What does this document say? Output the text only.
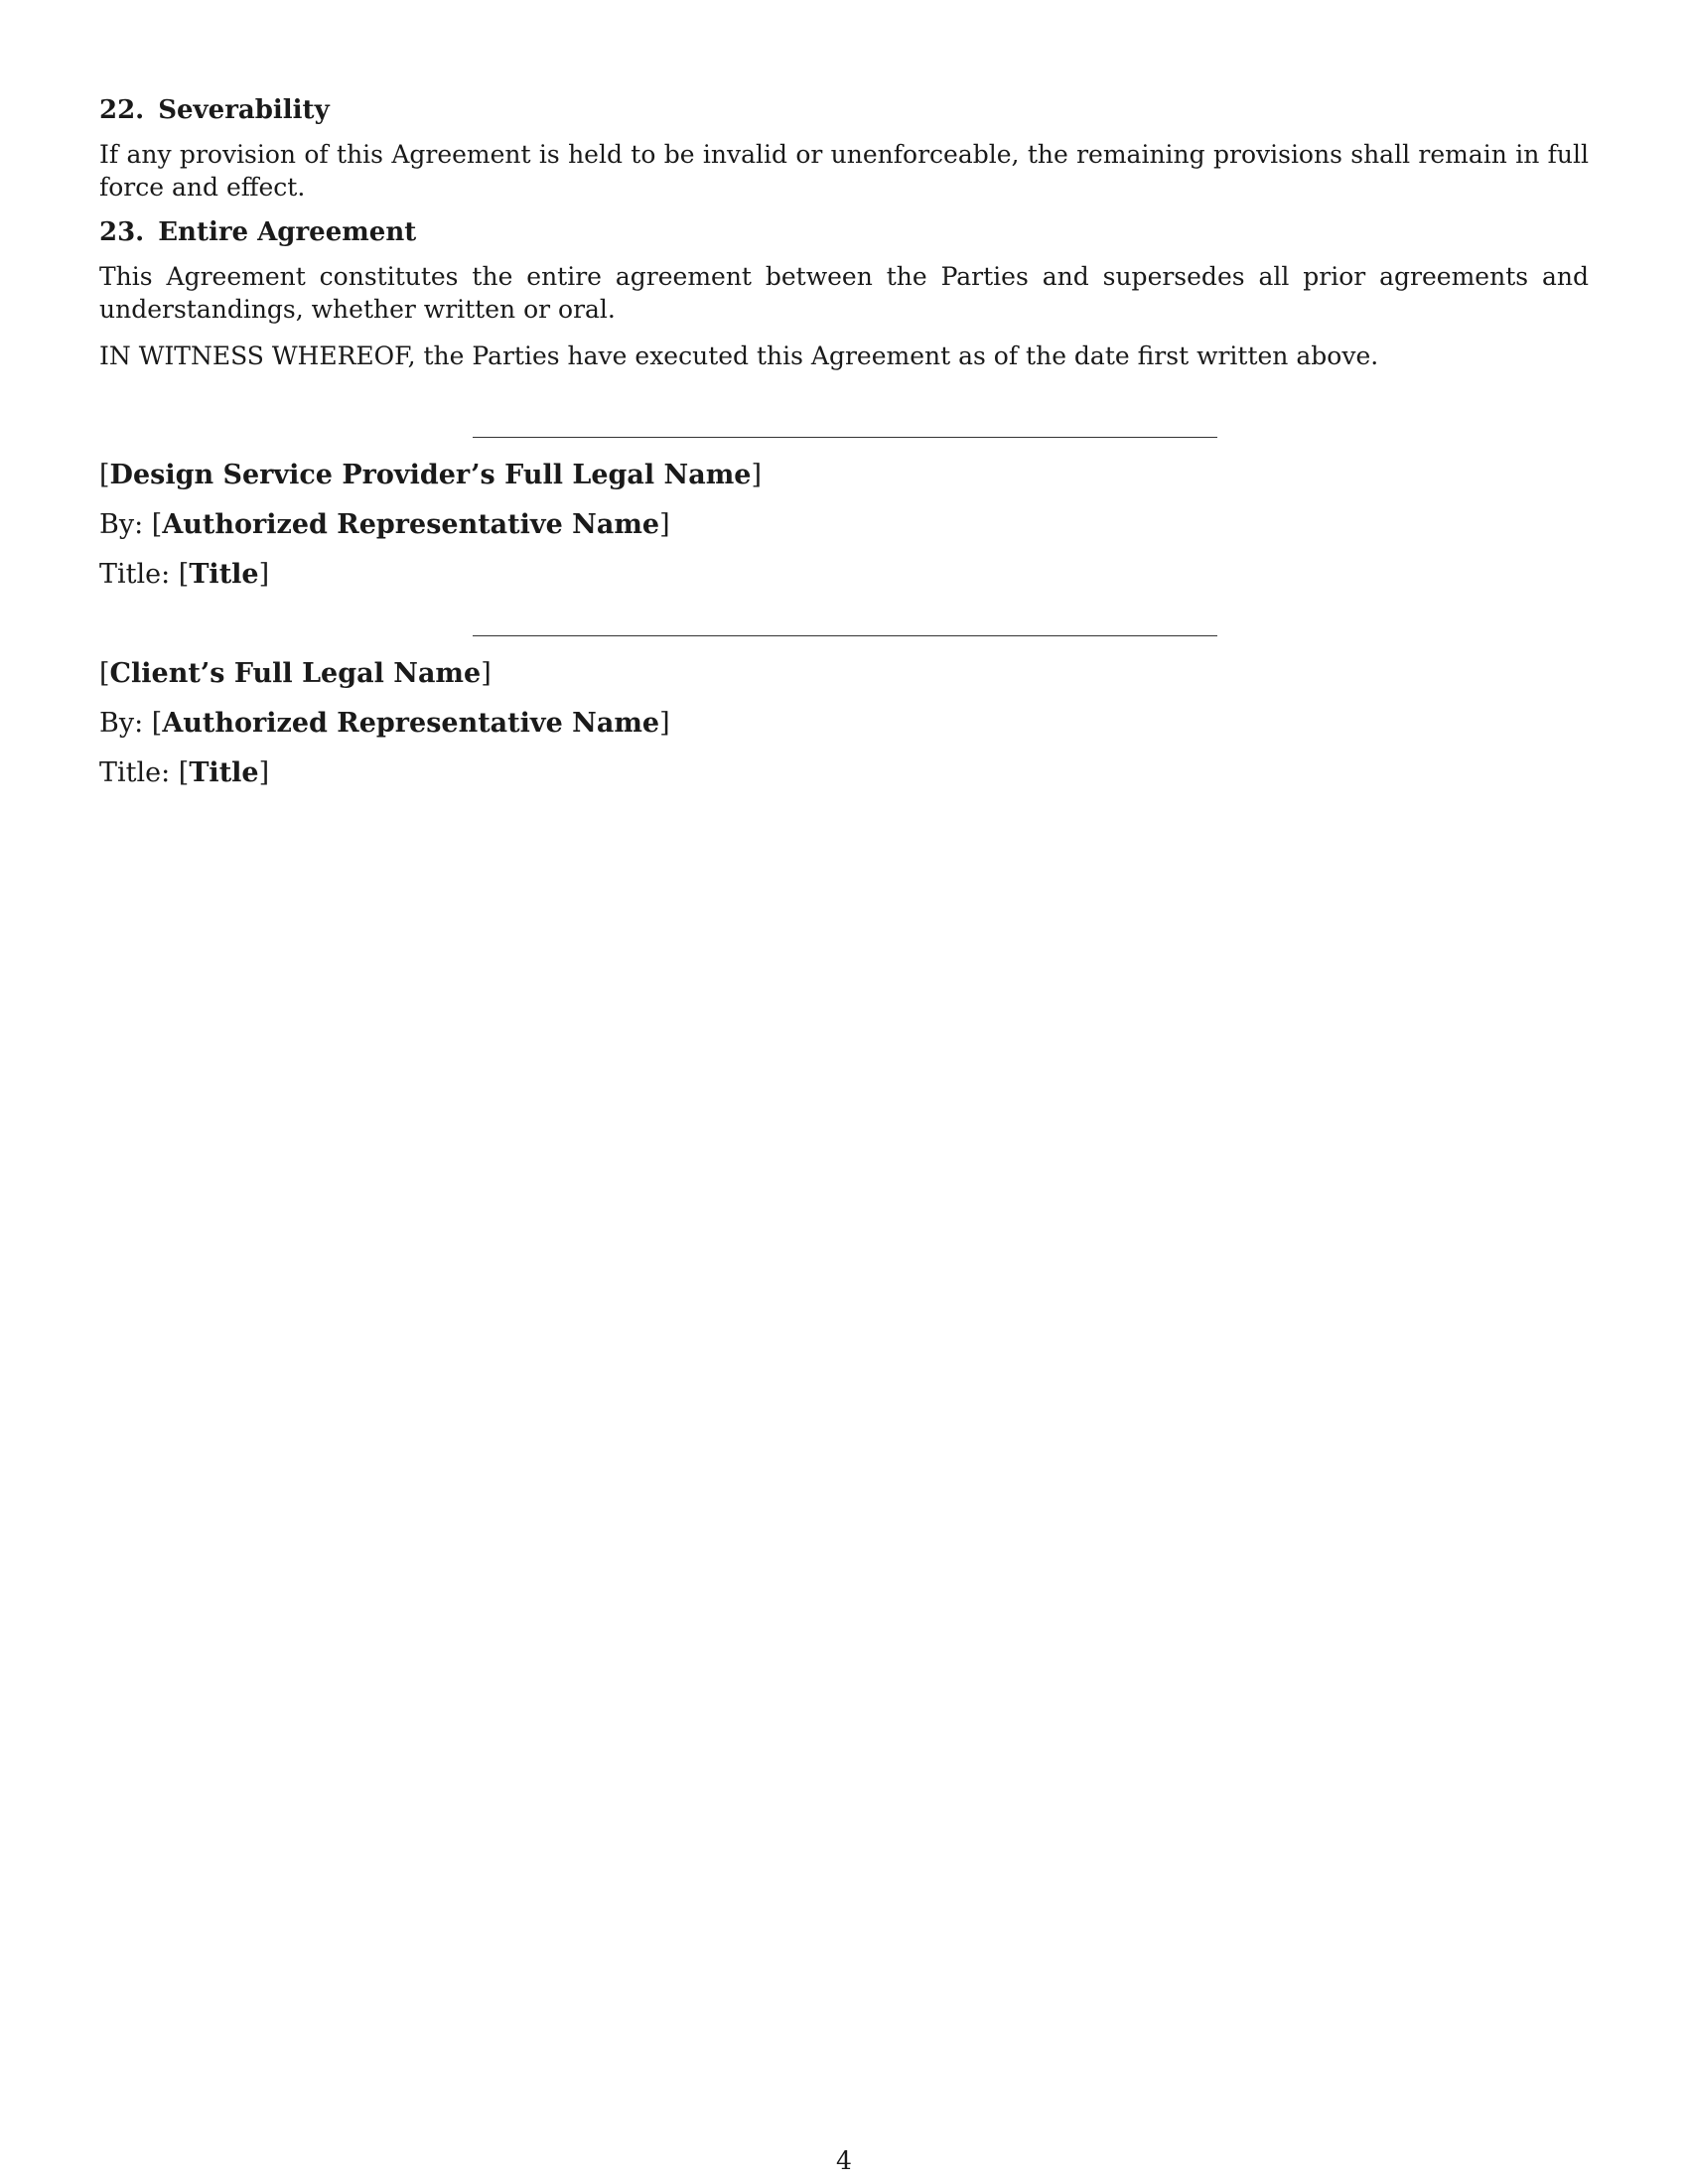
22. Severability

If any provision of this Agreement is held to be invalid or unenforceable, the remaining provisions shall remain in full force and effect.

23. Entire Agreement

This Agreement constitutes the entire agreement between the Parties and supersedes all prior agreements and understandings, whether written or oral.

IN WITNESS WHEREOF, the Parties have executed this Agreement as of the date first written above.

[Design Service Provider’s Full Legal Name]
By: [Authorized Representative Name]
Title: [Title]
[Client’s Full Legal Name]
By: [Authorized Representative Name]
Title: [Title]
4
